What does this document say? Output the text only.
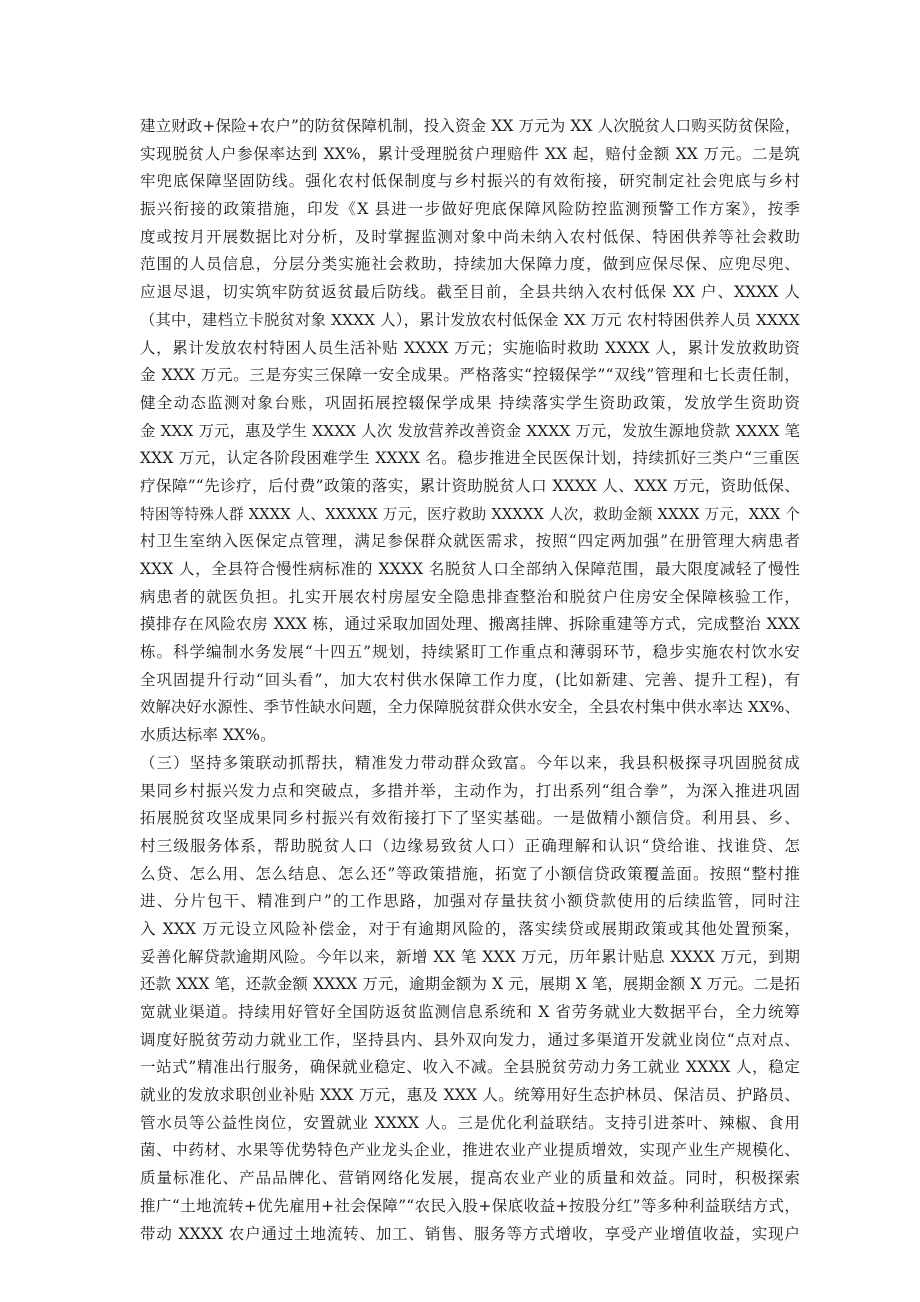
建立财政+保险+农户”的防贫保障机制，投入资金 XX 万元为 XX 人次脱贫人口购买防贫保险，
实现脱贫人户参保率达到 XX%，累计受理脱贫户理赔件 XX 起，赔付金额 XX 万元。二是筑
牢兜底保障坚固防线。强化农村低保制度与乡村振兴的有效衔接，研究制定社会兜底与乡村
振兴衔接的政策措施，印发《X 县进一步做好兜底保障风险防控监测预警工作方案》，按季
度或按月开展数据比对分析，及时掌握监测对象中尚未纳入农村低保、特困供养等社会救助
范围的人员信息，分层分类实施社会救助，持续加大保障力度，做到应保尽保、应兜尽兜、
应退尽退，切实筑牢防贫返贫最后防线。截至目前，全县共纳入农村低保 XX 户、XXXX 人
（其中，建档立卡脱贫对象 XXXX 人），累计发放农村低保金 XX 万元 农村特困供养人员 XXXX
人，累计发放农村特困人员生活补贴 XXXX 万元；实施临时救助 XXXX 人，累计发放救助资
金 XXX 万元。三是夯实三保障一安全成果。严格落实“控辍保学”“双线”管理和七长责任制，
健全动态监测对象台账，巩固拓展控辍保学成果 持续落实学生资助政策，发放学生资助资
金 XXX 万元，惠及学生 XXXX 人次 发放营养改善资金 XXXX 万元，发放生源地贷款 XXXX 笔
XXX 万元，认定各阶段困难学生 XXXX 名。稳步推进全民医保计划，持续抓好三类户“三重医
疗保障”“先诊疗，后付费”政策的落实，累计资助脱贫人口 XXXX 人、XXX 万元，资助低保、
特困等特殊人群 XXXX 人、XXXXX 万元，医疗救助 XXXXX 人次，救助金额 XXXX 万元，XXX 个
村卫生室纳入医保定点管理，满足参保群众就医需求，按照“四定两加强”在册管理大病患者
XXX 人，全县符合慢性病标准的 XXXX 名脱贫人口全部纳入保障范围，最大限度减轻了慢性
病患者的就医负担。扎实开展农村房屋安全隐患排查整治和脱贫户住房安全保障核验工作，
摸排存在风险农房 XXX 栋，通过采取加固处理、搬离挂牌、拆除重建等方式，完成整治 XXX
栋。科学编制水务发展“十四五”规划，持续紧盯工作重点和薄弱环节，稳步实施农村饮水安
全巩固提升行动“回头看”，加大农村供水保障工作力度，(比如新建、完善、提升工程)，有
效解决好水源性、季节性缺水问题，全力保障脱贫群众供水安全，全县农村集中供水率达 XX%、
水质达标率 XX%。
（三）坚持多策联动抓帮扶，精准发力带动群众致富。今年以来，我县积极探寻巩固脱贫成
果同乡村振兴发力点和突破点，多措并举，主动作为，打出系列“组合拳”，为深入推进巩固
拓展脱贫攻坚成果同乡村振兴有效衔接打下了坚实基础。一是做精小额信贷。利用县、乡、
村三级服务体系，帮助脱贫人口（边缘易致贫人口）正确理解和认识“贷给谁、找谁贷、怎
么贷、怎么用、怎么结息、怎么还”等政策措施，拓宽了小额信贷政策覆盖面。按照“整村推
进、分片包干、精准到户”的工作思路，加强对存量扶贫小额贷款使用的后续监管，同时注
入 XXX 万元设立风险补偿金，对于有逾期风险的，落实续贷或展期政策或其他处置预案，
妥善化解贷款逾期风险。今年以来，新增 XX 笔 XXX 万元，历年累计贴息 XXXX 万元，到期
还款 XXX 笔，还款金额 XXXX 万元，逾期金额为 X 元，展期 X 笔，展期金额 X 万元。二是拓
宽就业渠道。持续用好管好全国防返贫监测信息系统和 X 省劳务就业大数据平台，全力统筹
调度好脱贫劳动力就业工作，坚持县内、县外双向发力，通过多渠道开发就业岗位“点对点、
一站式”精准出行服务，确保就业稳定、收入不减。全县脱贫劳动力务工就业 XXXX 人，稳定
就业的发放求职创业补贴 XXX 万元，惠及 XXX 人。统筹用好生态护林员、保洁员、护路员、
管水员等公益性岗位，安置就业 XXXX 人。三是优化利益联结。支持引进茶叶、辣椒、食用
菌、中药材、水果等优势特色产业龙头企业，推进农业产业提质增效，实现产业生产规模化、
质量标准化、产品品牌化、营销网络化发展，提高农业产业的质量和效益。同时，积极探索
推广“土地流转+优先雇用+社会保障”“农民入股+保底收益+按股分红”等多种利益联结方式，
带动 XXXX 农户通过土地流转、加工、销售、服务等方式增收，享受产业增值收益，实现户
